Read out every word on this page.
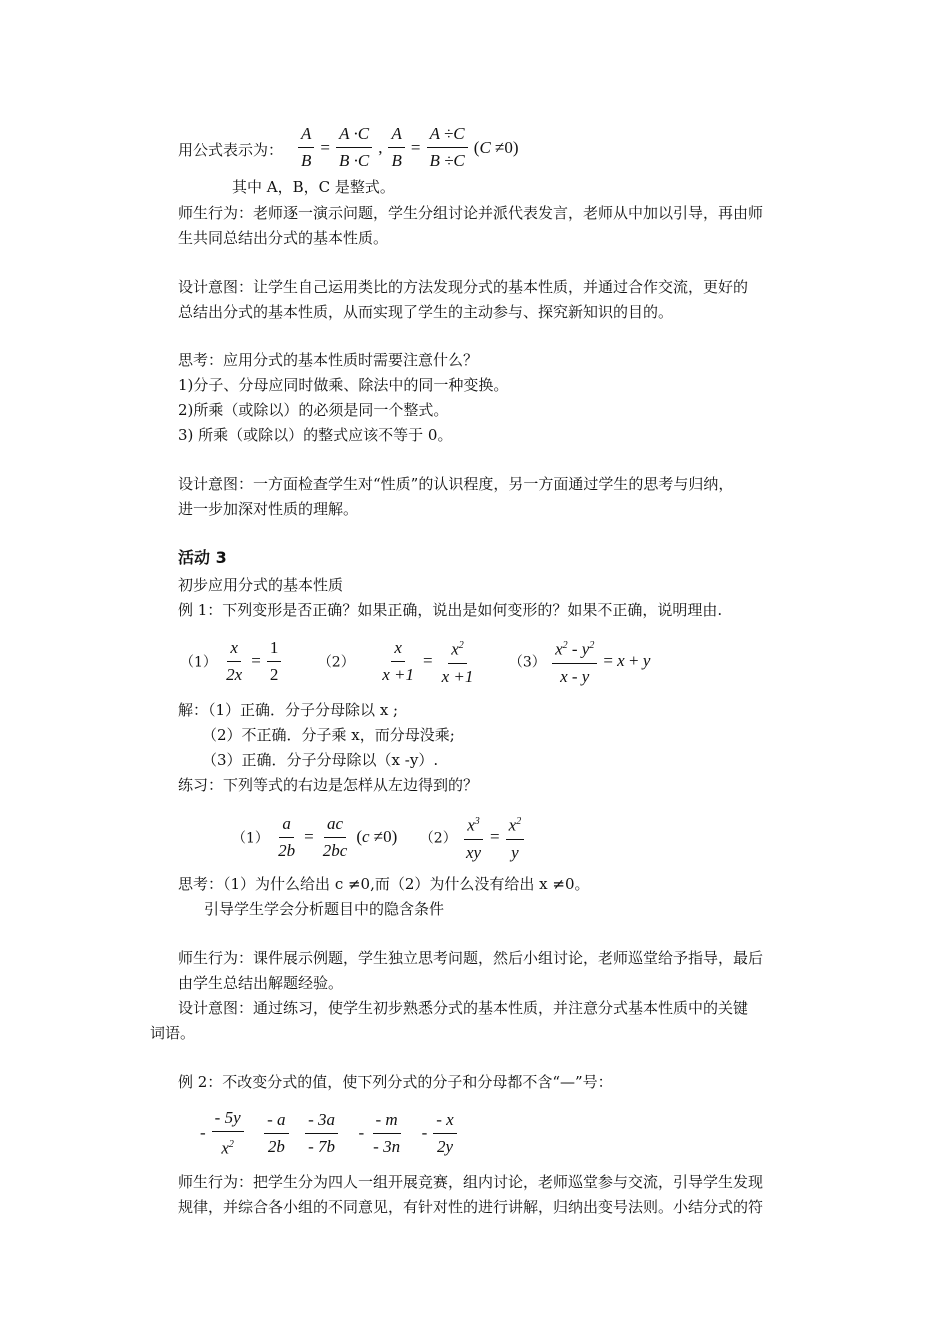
用公式表示为： $\frac{A}{B} = \frac{A \cdot C}{B \cdot C}$ , $\frac{A}{B} = \frac{A \div C}{B \div C} (C \ne 0)$
其中 A，B，C 是整式。
师生行为：老师逐一演示问题，学生分组讨论并派代表发言，老师从中加以引导，再由师
生共同总结出分式的基本性质。
设计意图：让学生自己运用类比的方法发现分式的基本性质，并通过合作交流，更好的
总结出分式的基本性质，从而实现了学生的主动参与、探究新知识的目的。
思考：应用分式的基本性质时需要注意什么？
1)分子、分母应同时做乘、除法中的同一种变换。
2)所乘（或除以）的必须是同一个整式。
3) 所乘（或除以）的整式应该不等于 0。
设计意图：一方面检查学生对“性质”的认识程度，另一方面通过学生的思考与归纳，
进一步加深对性质的理解。
活动 3
初步应用分式的基本性质
例 1：下列变形是否正确？如果正确，说出是如何变形的？如果不正确，说明理由.
$(1) \frac{x}{2x} = \frac{1}{2}$	$(2) \frac{x}{x +1} = \frac{x^2}{x +1} (3) \frac{x^2 - y^2}{x - y} = x + y$
解：（1）正确．分子分母除以 x ;
（2）不正确．分子乘 x，而分母没乘;
（3）正确．分子分母除以（x -y）.
练习：下列等式的右边是怎样从左边得到的？
$(1) \frac{a}{2b} = \frac{ac}{2bc} (c \ne 0)$ $(2) \frac{x^3}{xy} = \frac{x^2}{y}$
思考：（1）为什么给出 c ≠0,而（2）为什么没有给出 x ≠0。
引导学生学会分析题目中的隐含条件
师生行为：课件展示例题，学生独立思考问题，然后小组讨论，老师巡堂给予指导，最后
由学生总结出解题经验。
设计意图：通过练习，使学生初步熟悉分式的基本性质，并注意分式基本性质中的关键
词语。
例 2：不改变分式的值，使下列分式的分子和分母都不含“—”号：
- $\frac{- 5y}{x^2}$
$\frac{- a}{2b}$
$\frac{- 3a}{- 7b} - \frac{- m}{- 3n} - \frac{- x}{2y}$
师生行为：把学生分为四人一组开展竞赛，组内讨论，老师巡堂参与交流，引导学生发现
规律，并综合各小组的不同意见，有针对性的进行讲解，归纳出变号法则。小结分式的符
